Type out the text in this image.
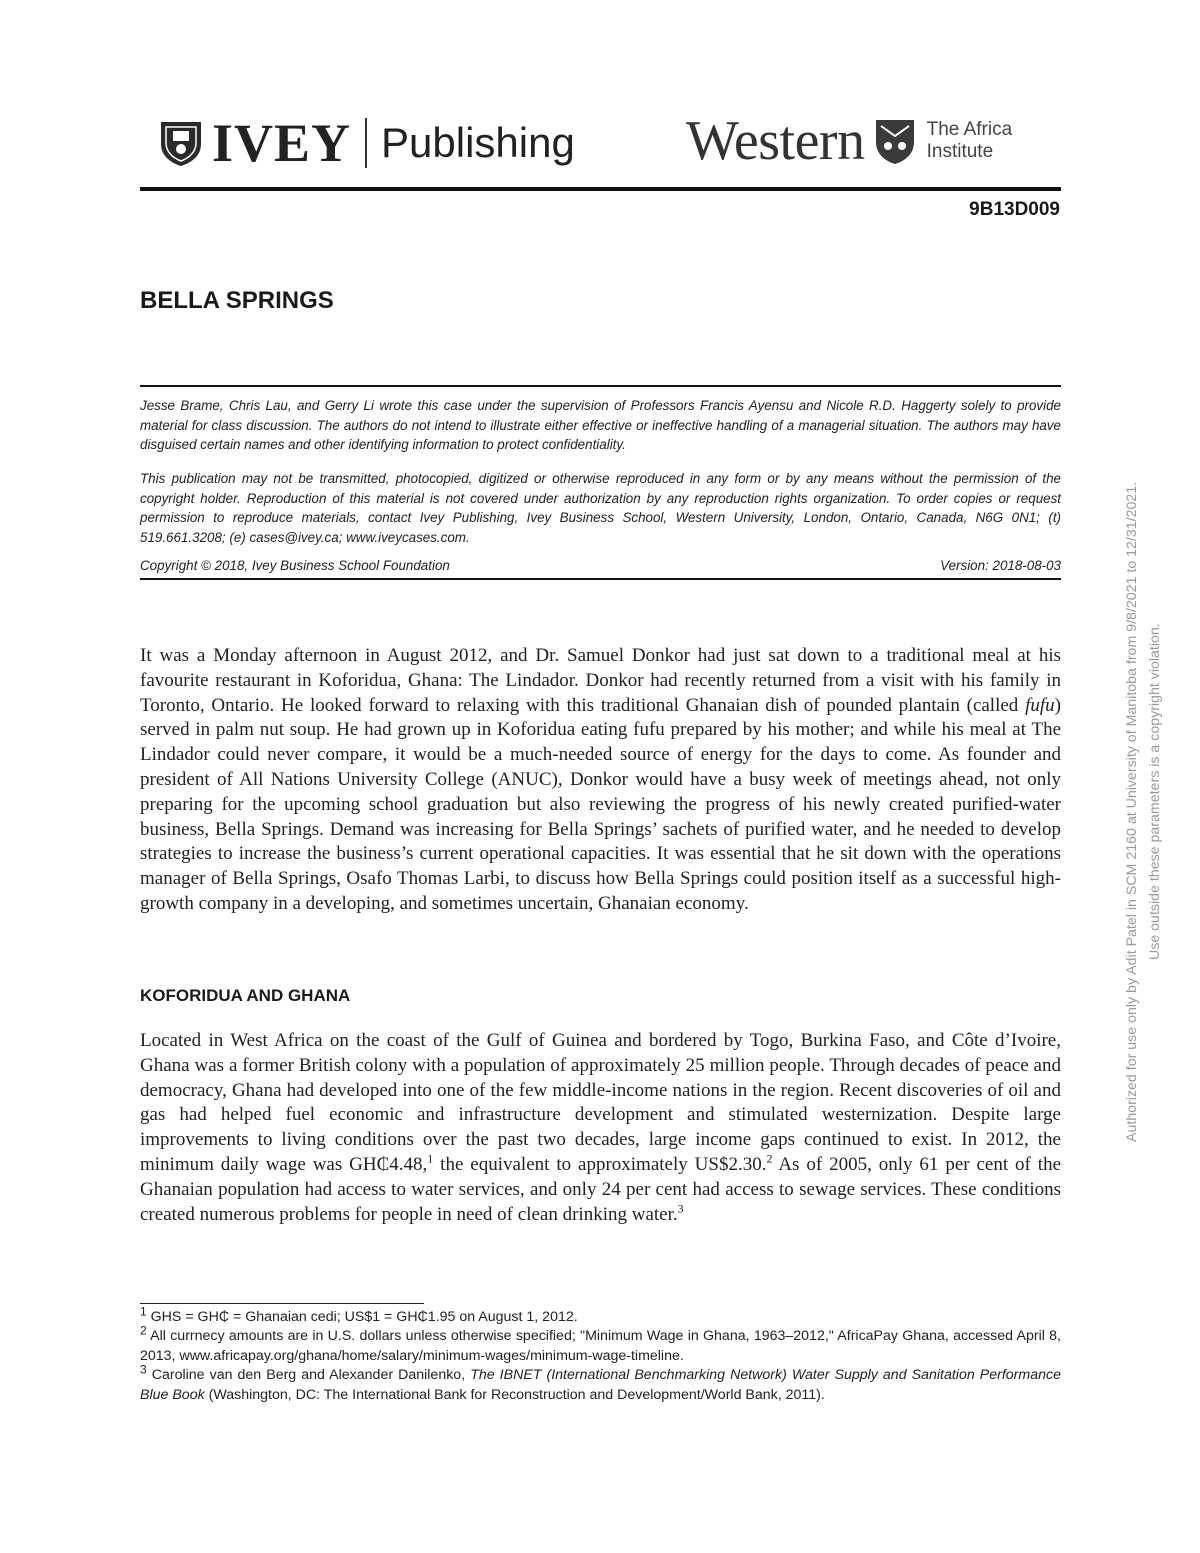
IVEY Publishing Western	The Africa
Institute
9B13D009
BELLA SPRINGS
Jesse Brame, Chris Lau, and Gerry Li wrote this case under the supervision of Professors Francis Ayensu and Nicole R.D. Haggerty solely to provide material for class discussion. The authors do not intend to illustrate either effective or ineffective handling of a managerial situation. The authors may have disguised certain names and other identifying information to protect confidentiality.
This publication may not be transmitted, photocopied, digitized or otherwise reproduced in any form or by any means without the permission of the copyright holder. Reproduction of this material is not covered under authorization by any reproduction rights organization. To order copies or request permission to reproduce materials, contact Ivey Publishing, Ivey Business School, Western University, London, Ontario, Canada, N6G 0N1; (t) 519.661.3208; (e) cases@ivey.ca; www.iveycases.com.
Copyright © 2018, Ivey Business School Foundation	Version: 2018-08-03
It was a Monday afternoon in August 2012, and Dr. Samuel Donkor had just sat down to a traditional meal at his favourite restaurant in Koforidua, Ghana: The Lindador. Donkor had recently returned from a visit with his family in Toronto, Ontario. He looked forward to relaxing with this traditional Ghanaian dish of pounded plantain (called fufu) served in palm nut soup. He had grown up in Koforidua eating fufu prepared by his mother; and while his meal at The Lindador could never compare, it would be a much-needed source of energy for the days to come. As founder and president of All Nations University College (ANUC), Donkor would have a busy week of meetings ahead, not only preparing for the upcoming school graduation but also reviewing the progress of his newly created purified-water business, Bella Springs. Demand was increasing for Bella Springs’ sachets of purified water, and he needed to develop strategies to increase the business’s current operational capacities. It was essential that he sit down with the operations manager of Bella Springs, Osafo Thomas Larbi, to discuss how Bella Springs could position itself as a successful high-growth company in a developing, and sometimes uncertain, Ghanaian economy.
KOFORIDUA AND GHANA
Located in West Africa on the coast of the Gulf of Guinea and bordered by Togo, Burkina Faso, and Côte d’Ivoire, Ghana was a former British colony with a population of approximately 25 million people. Through decades of peace and democracy, Ghana had developed into one of the few middle-income nations in the region. Recent discoveries of oil and gas had helped fuel economic and infrastructure development and stimulated westernization. Despite large improvements to living conditions over the past two decades, large income gaps continued to exist. In 2012, the minimum daily wage was GH₵4.48,$^1$ the equivalent to approximately US$2.30.$^2$ As of 2005, only 61 per cent of the Ghanaian population had access to water services, and only 24 per cent had access to sewage services. These conditions created numerous problems for people in need of clean drinking water.$^3$
$^1$ GHS = GH₵ = Ghanaian cedi; US$1 = GH₵1.95 on August 1, 2012.
$^2$ All currnecy amounts are in U.S. dollars unless otherwise specified; "Minimum Wage in Ghana, 1963–2012," AfricaPay Ghana, accessed April 8, 2013, www.africapay.org/ghana/home/salary/minimum-wages/minimum-wage-timeline.
$^3$ Caroline van den Berg and Alexander Danilenko, The IBNET (International Benchmarking Network) Water Supply and Sanitation Performance Blue Book (Washington, DC: The International Bank for Reconstruction and Development/World Bank, 2011).
Authorized for use only by Adit Patel in SCM 2160 at University of Manitoba from 9/8/2021 to 12/31/2021. Use outside these parameters is a copyright violation.
